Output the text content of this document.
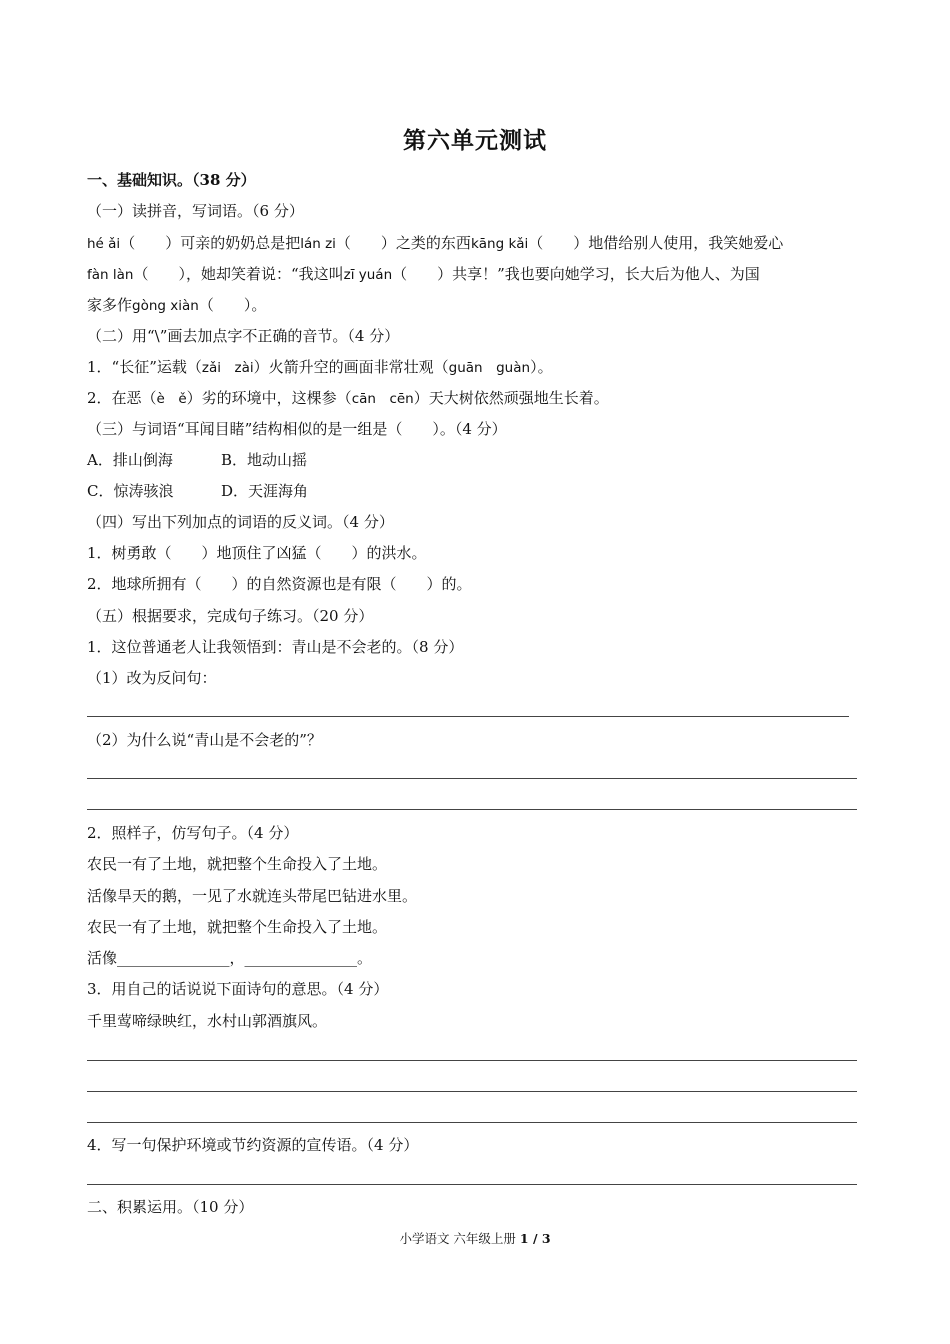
第六单元测试
一、基础知识。（38 分）
（一）读拼音，写词语。（6 分）
hé ǎi（　　）可亲的奶奶总是把lán zi（　　）之类的东西kāng kǎi（　　）地借给别人使用，我笑她爱心
fàn làn（　　），她却笑着说：“我这叫zī yuán（　　）共享！”我也要向她学习，长大后为他人、为国
家多作gòng xiàn（　　）。
（二）用“\”画去加点字不正确的音节。（4 分）
1．“长征”运载（zǎi　zài）火箭升空的画面非常壮观（guān　guàn）。
2．在恶（è　ě）劣的环境中，这棵参（cān　cēn）天大树依然顽强地生长着。
（三）与词语“耳闻目睹”结构相似的是一组是（　　）。（4 分）
A．排山倒海	B．地动山摇
C．惊涛骇浪	D．天涯海角
（四）写出下列加点的词语的反义词。（4 分）
1．树勇敢（　　）地顶住了凶猛（　　）的洪水。
2．地球所拥有（　　）的自然资源也是有限（　　）的。
（五）根据要求，完成句子练习。（20 分）
1．这位普通老人让我领悟到：青山是不会老的。（8 分）
（1）改为反问句：
（2）为什么说“青山是不会老的”？
2．照样子，仿写句子。（4 分）
农民一有了土地，就把整个生命投入了土地。
活像旱天的鹅，一见了水就连头带尾巴钻进水里。
农民一有了土地，就把整个生命投入了土地。
活像_______________，_______________。
3．用自己的话说说下面诗句的意思。（4 分）
千里莺啼绿映红，水村山郭酒旗风。
4．写一句保护环境或节约资源的宣传语。（4 分）
二、积累运用。（10 分）
小学语文 六年级上册 1 / 3
